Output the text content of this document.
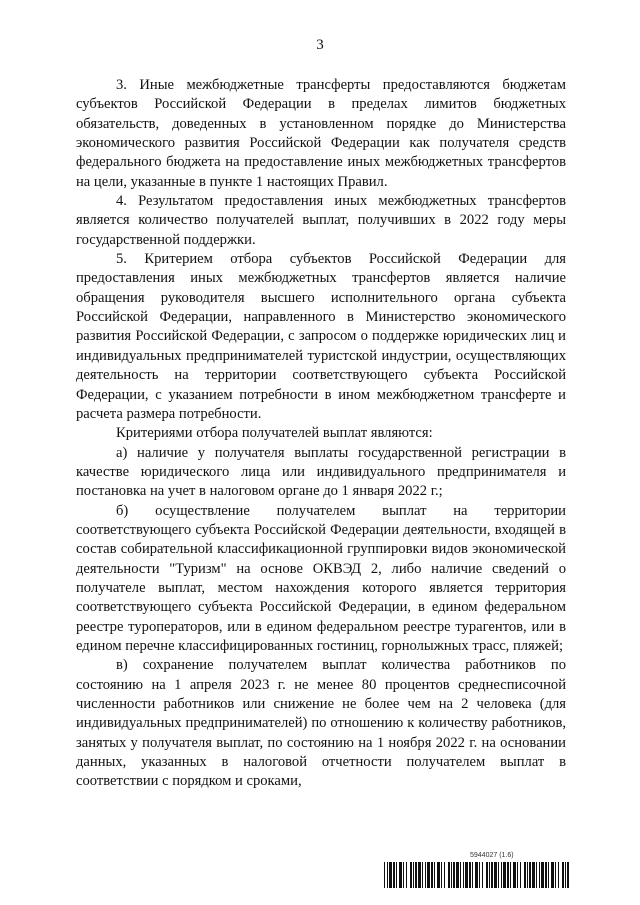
3

3. Иные межбюджетные трансферты предоставляются бюджетам субъектов Российской Федерации в пределах лимитов бюджетных обязательств, доведенных в установленном порядке до Министерства экономического развития Российской Федерации как получателя средств федерального бюджета на предоставление иных межбюджетных трансфертов на цели, указанные в пункте 1 настоящих Правил.

4. Результатом предоставления иных межбюджетных трансфертов является количество получателей выплат, получивших в 2022 году меры государственной поддержки.

5. Критерием отбора субъектов Российской Федерации для предоставления иных межбюджетных трансфертов является наличие обращения руководителя высшего исполнительного органа субъекта Российской Федерации, направленного в Министерство экономического развития Российской Федерации, с запросом о поддержке юридических лиц и индивидуальных предпринимателей туристской индустрии, осуществляющих деятельность на территории соответствующего субъекта Российской Федерации, с указанием потребности в ином межбюджетном трансферте и расчета размера потребности.

Критериями отбора получателей выплат являются:

а) наличие у получателя выплаты государственной регистрации в качестве юридического лица или индивидуального предпринимателя и постановка на учет в налоговом органе до 1 января 2022 г.;

б) осуществление получателем выплат на территории соответствующего субъекта Российской Федерации деятельности, входящей в состав собирательной классификационной группировки видов экономической деятельности "Туризм" на основе ОКВЭД 2, либо наличие сведений о получателе выплат, местом нахождения которого является территория соответствующего субъекта Российской Федерации, в едином федеральном реестре туроператоров, или в едином федеральном реестре турагентов, или в едином перечне классифицированных гостиниц, горнолыжных трасс, пляжей;

в) сохранение получателем выплат количества работников по состоянию на 1 апреля 2023 г. не менее 80 процентов среднесписочной численности работников или снижение не более чем на 2 человека (для индивидуальных предпринимателей) по отношению к количеству работников, занятых у получателя выплат, по состоянию на 1 ноября 2022 г. на основании данных, указанных в налоговой отчетности получателем выплат в соответствии с порядком и сроками,

5944027 (1.6)
